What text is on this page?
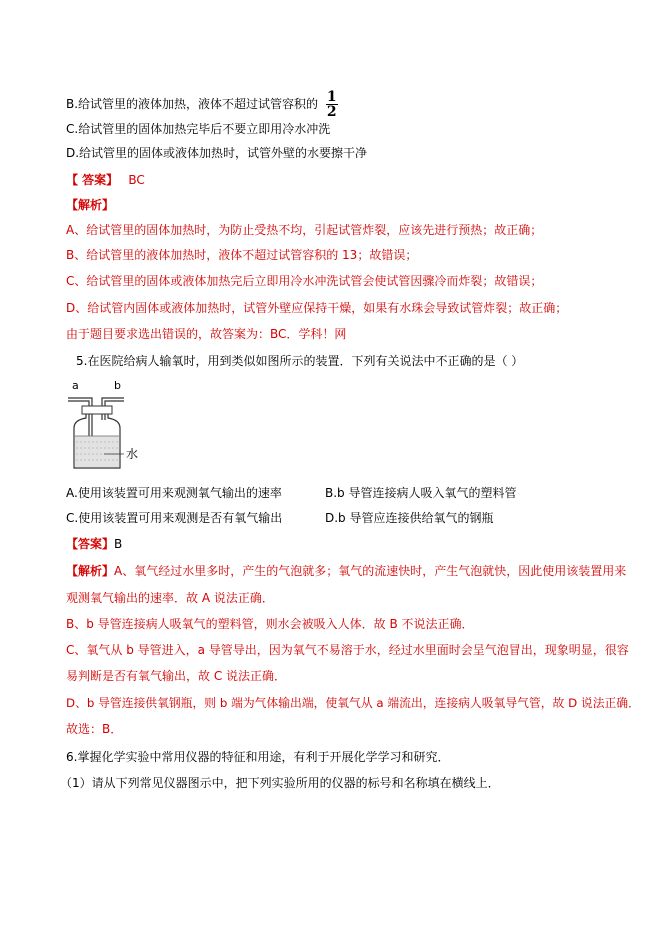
B.给试管里的液体加热，液体不超过试管容积的 $\frac{1}{2}$
C.给试管里的固体加热完毕后不要立即用冷水冲洗
D.给试管里的固体或液体加热时，试管外壁的水要擦干净
【 答案】 BC
【解析】
A、给试管里的固体加热时，为防止受热不均，引起试管炸裂，应该先进行预热；故正确；
B、给试管里的液体加热时，液体不超过试管容积的 13；故错误；
C、给试管里的固体或液体加热完后立即用冷水冲洗试管会使试管因骤冷而炸裂；故错误；
D、给试管内固体或液体加热时，试管外壁应保持干燥，如果有水珠会导致试管炸裂；故正确；
由于题目要求选出错误的，故答案为：BC．学科！网
5.在医院给病人输氧时，用到类似如图所示的装置．下列有关说法中不正确的是（ ）
a	b
水
A.使用该装置可用来观测氧气输出的速率	B.b 导管连接病人吸入氧气的塑料管
C.使用该装置可用来观测是否有氧气输出	D.b 导管应连接供给氧气的钢瓶
【答案】B
【解析】A、氧气经过水里多时，产生的气泡就多；氧气的流速快时，产生气泡就快，因此使用该装置用来
观测氧气输出的速率．故 A 说法正确．
B、b 导管连接病人吸氧气的塑料管，则水会被吸入人体．故 B 不说法正确．
C、氧气从 b 导管进入，a 导管导出，因为氧气不易溶于水，经过水里面时会呈气泡冒出，现象明显，很容
易判断是否有氧气输出，故 C 说法正确．
D、b 导管连接供氧钢瓶，则 b 端为气体输出端，使氧气从 a 端流出，连接病人吸氧导气管，故 D 说法正确．
故选：B．
6.掌握化学实验中常用仪器的特征和用途，有利于开展化学学习和研究．
（1）请从下列常见仪器图示中，把下列实验所用的仪器的标号和名称填在横线上．
